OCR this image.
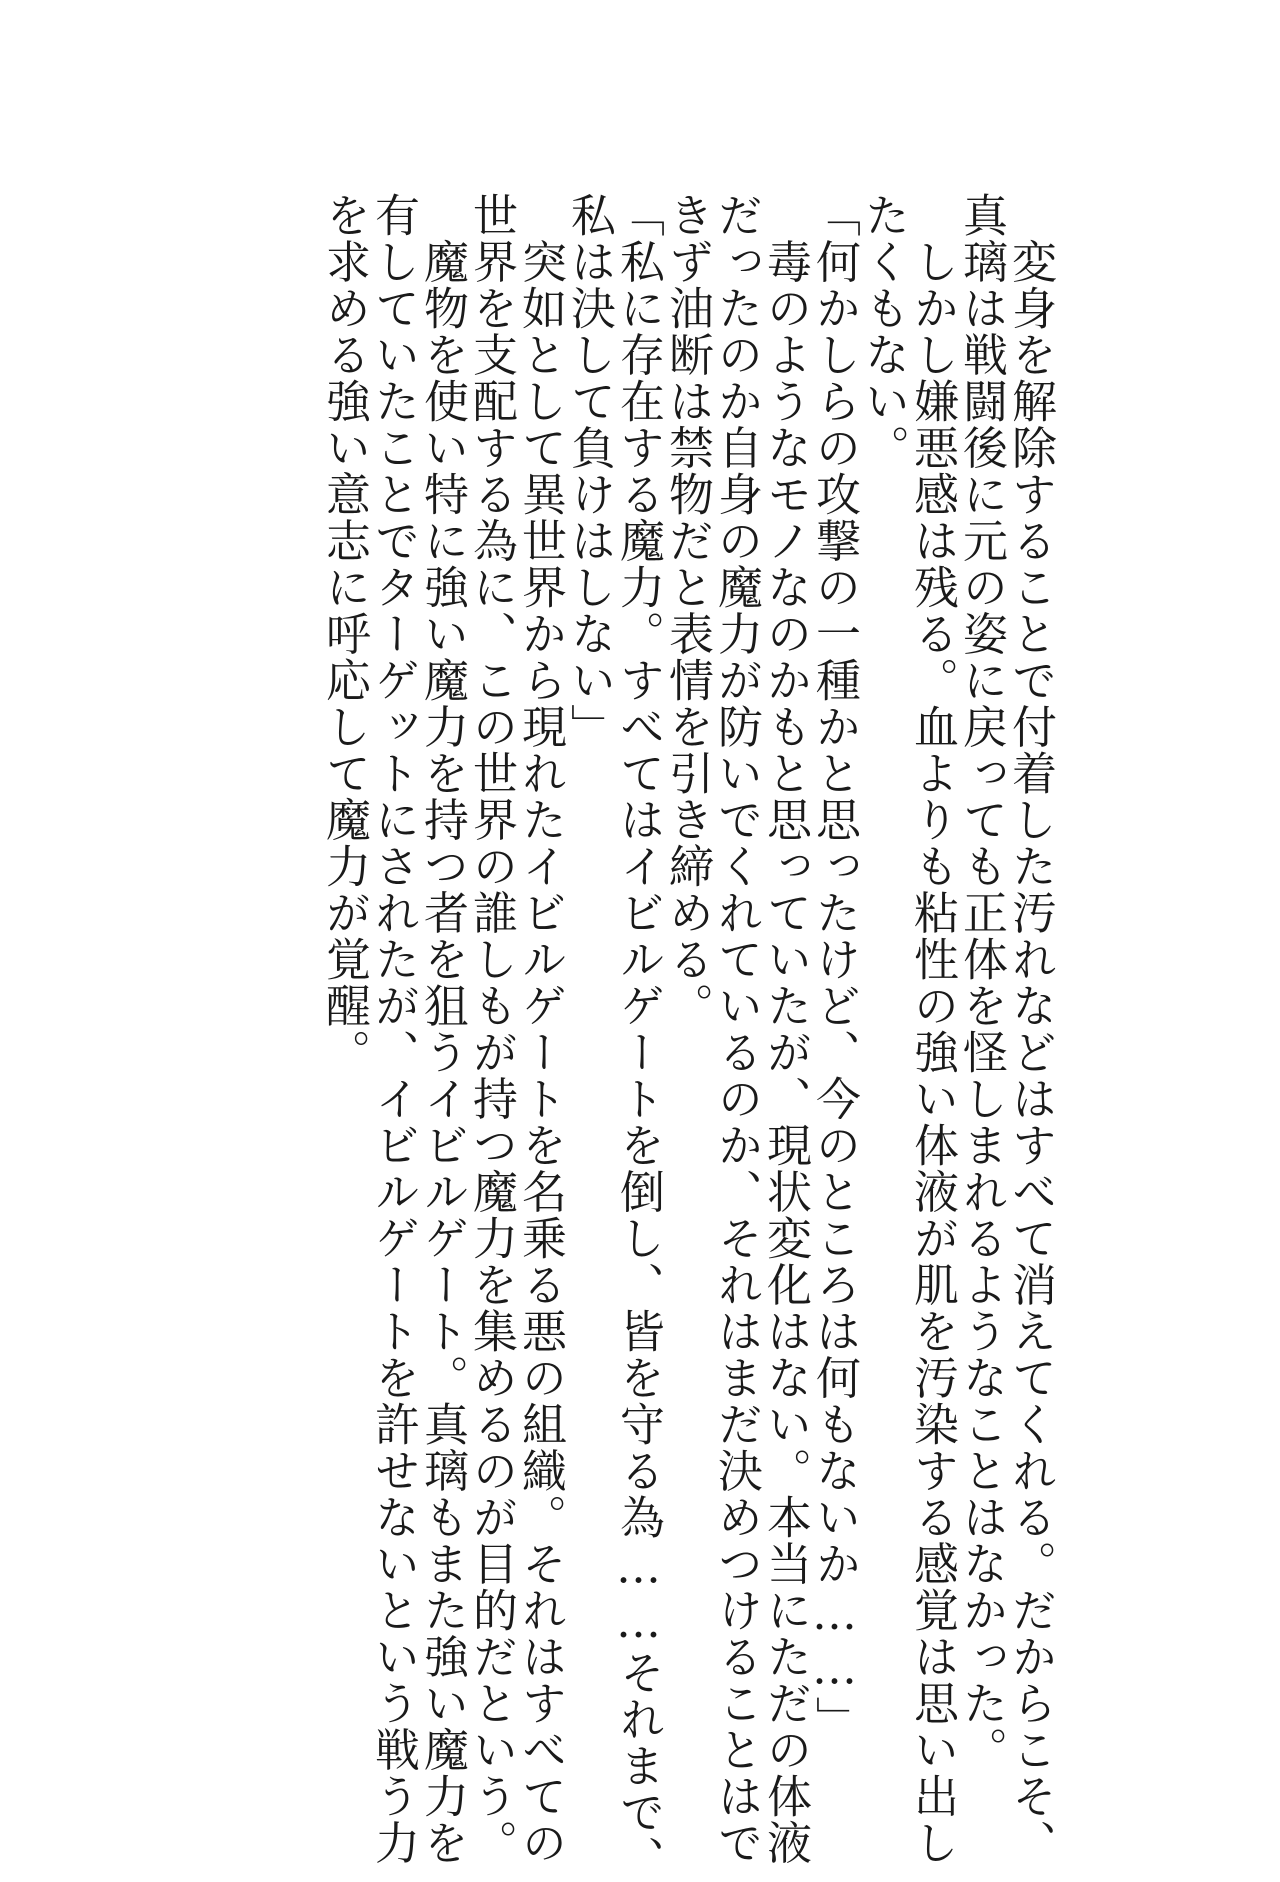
　変身を解除することで付着した汚れなどはすべて消えてくれる。だからこそ、
真璃は戦闘後に元の姿に戻っても正体を怪しまれるようなことはなかった。
　しかし嫌悪感は残る。血よりも粘性の強い体液が肌を汚染する感覚は思い出し
たくもない。
「何かしらの攻撃の一種かと思ったけど、今のところは何もないか……」
　毒のようなモノなのかもと思っていたが、現状変化はない。本当にただの体液
だったのか自身の魔力が防いでくれているのか、それはまだ決めつけることはで
きず油断は禁物だと表情を引き締める。
「私に存在する魔力。すべてはイビルゲートを倒し、皆を守る為……それまで、
私は決して負けはしない」
　突如として異世界から現れたイビルゲートを名乗る悪の組織。それはすべての
世界を支配する為に、この世界の誰しもが持つ魔力を集めるのが目的だという。
　魔物を使い特に強い魔力を持つ者を狙うイビルゲート。真璃もまた強い魔力を
有していたことでターゲットにされたが、イビルゲートを許せないという戦う力
を求める強い意志に呼応して魔力が覚醒。
